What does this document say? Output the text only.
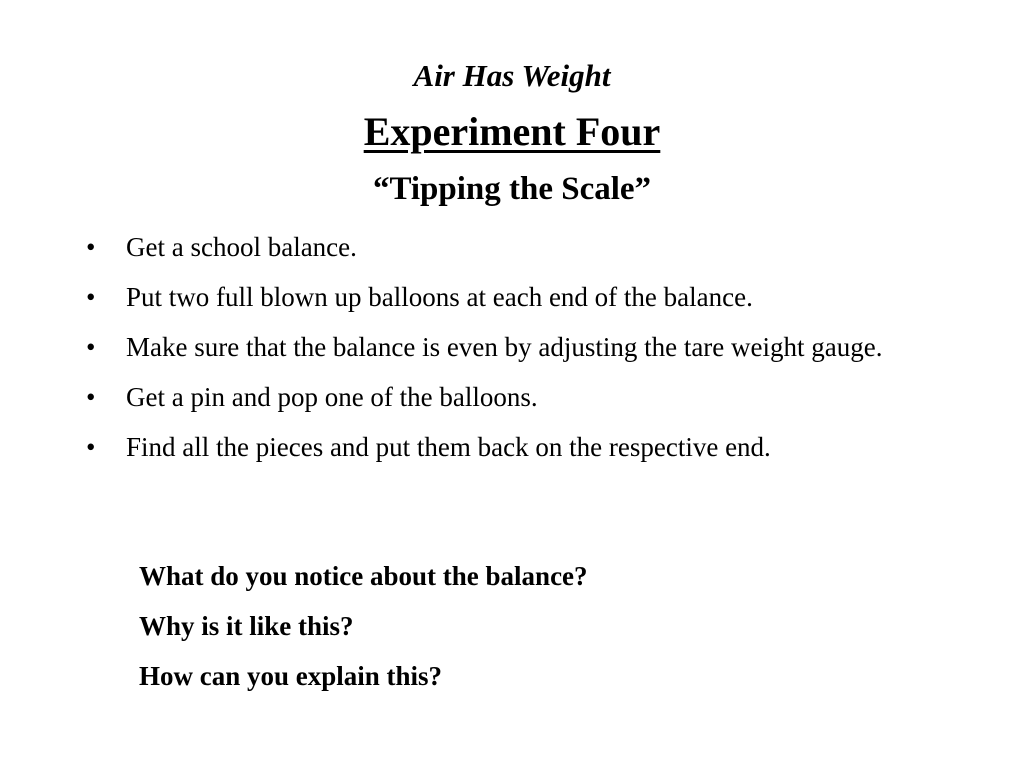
Air Has Weight
Experiment Four
“Tipping the Scale”
• Get a school balance.
• Put two full blown up balloons at each end of the balance.
• Make sure that the balance is even by adjusting the tare weight gauge.
• Get a pin and pop one of the balloons.
• Find all the pieces and put them back on the respective end.
What do you notice about the balance?
Why is it like this?
How can you explain this?
